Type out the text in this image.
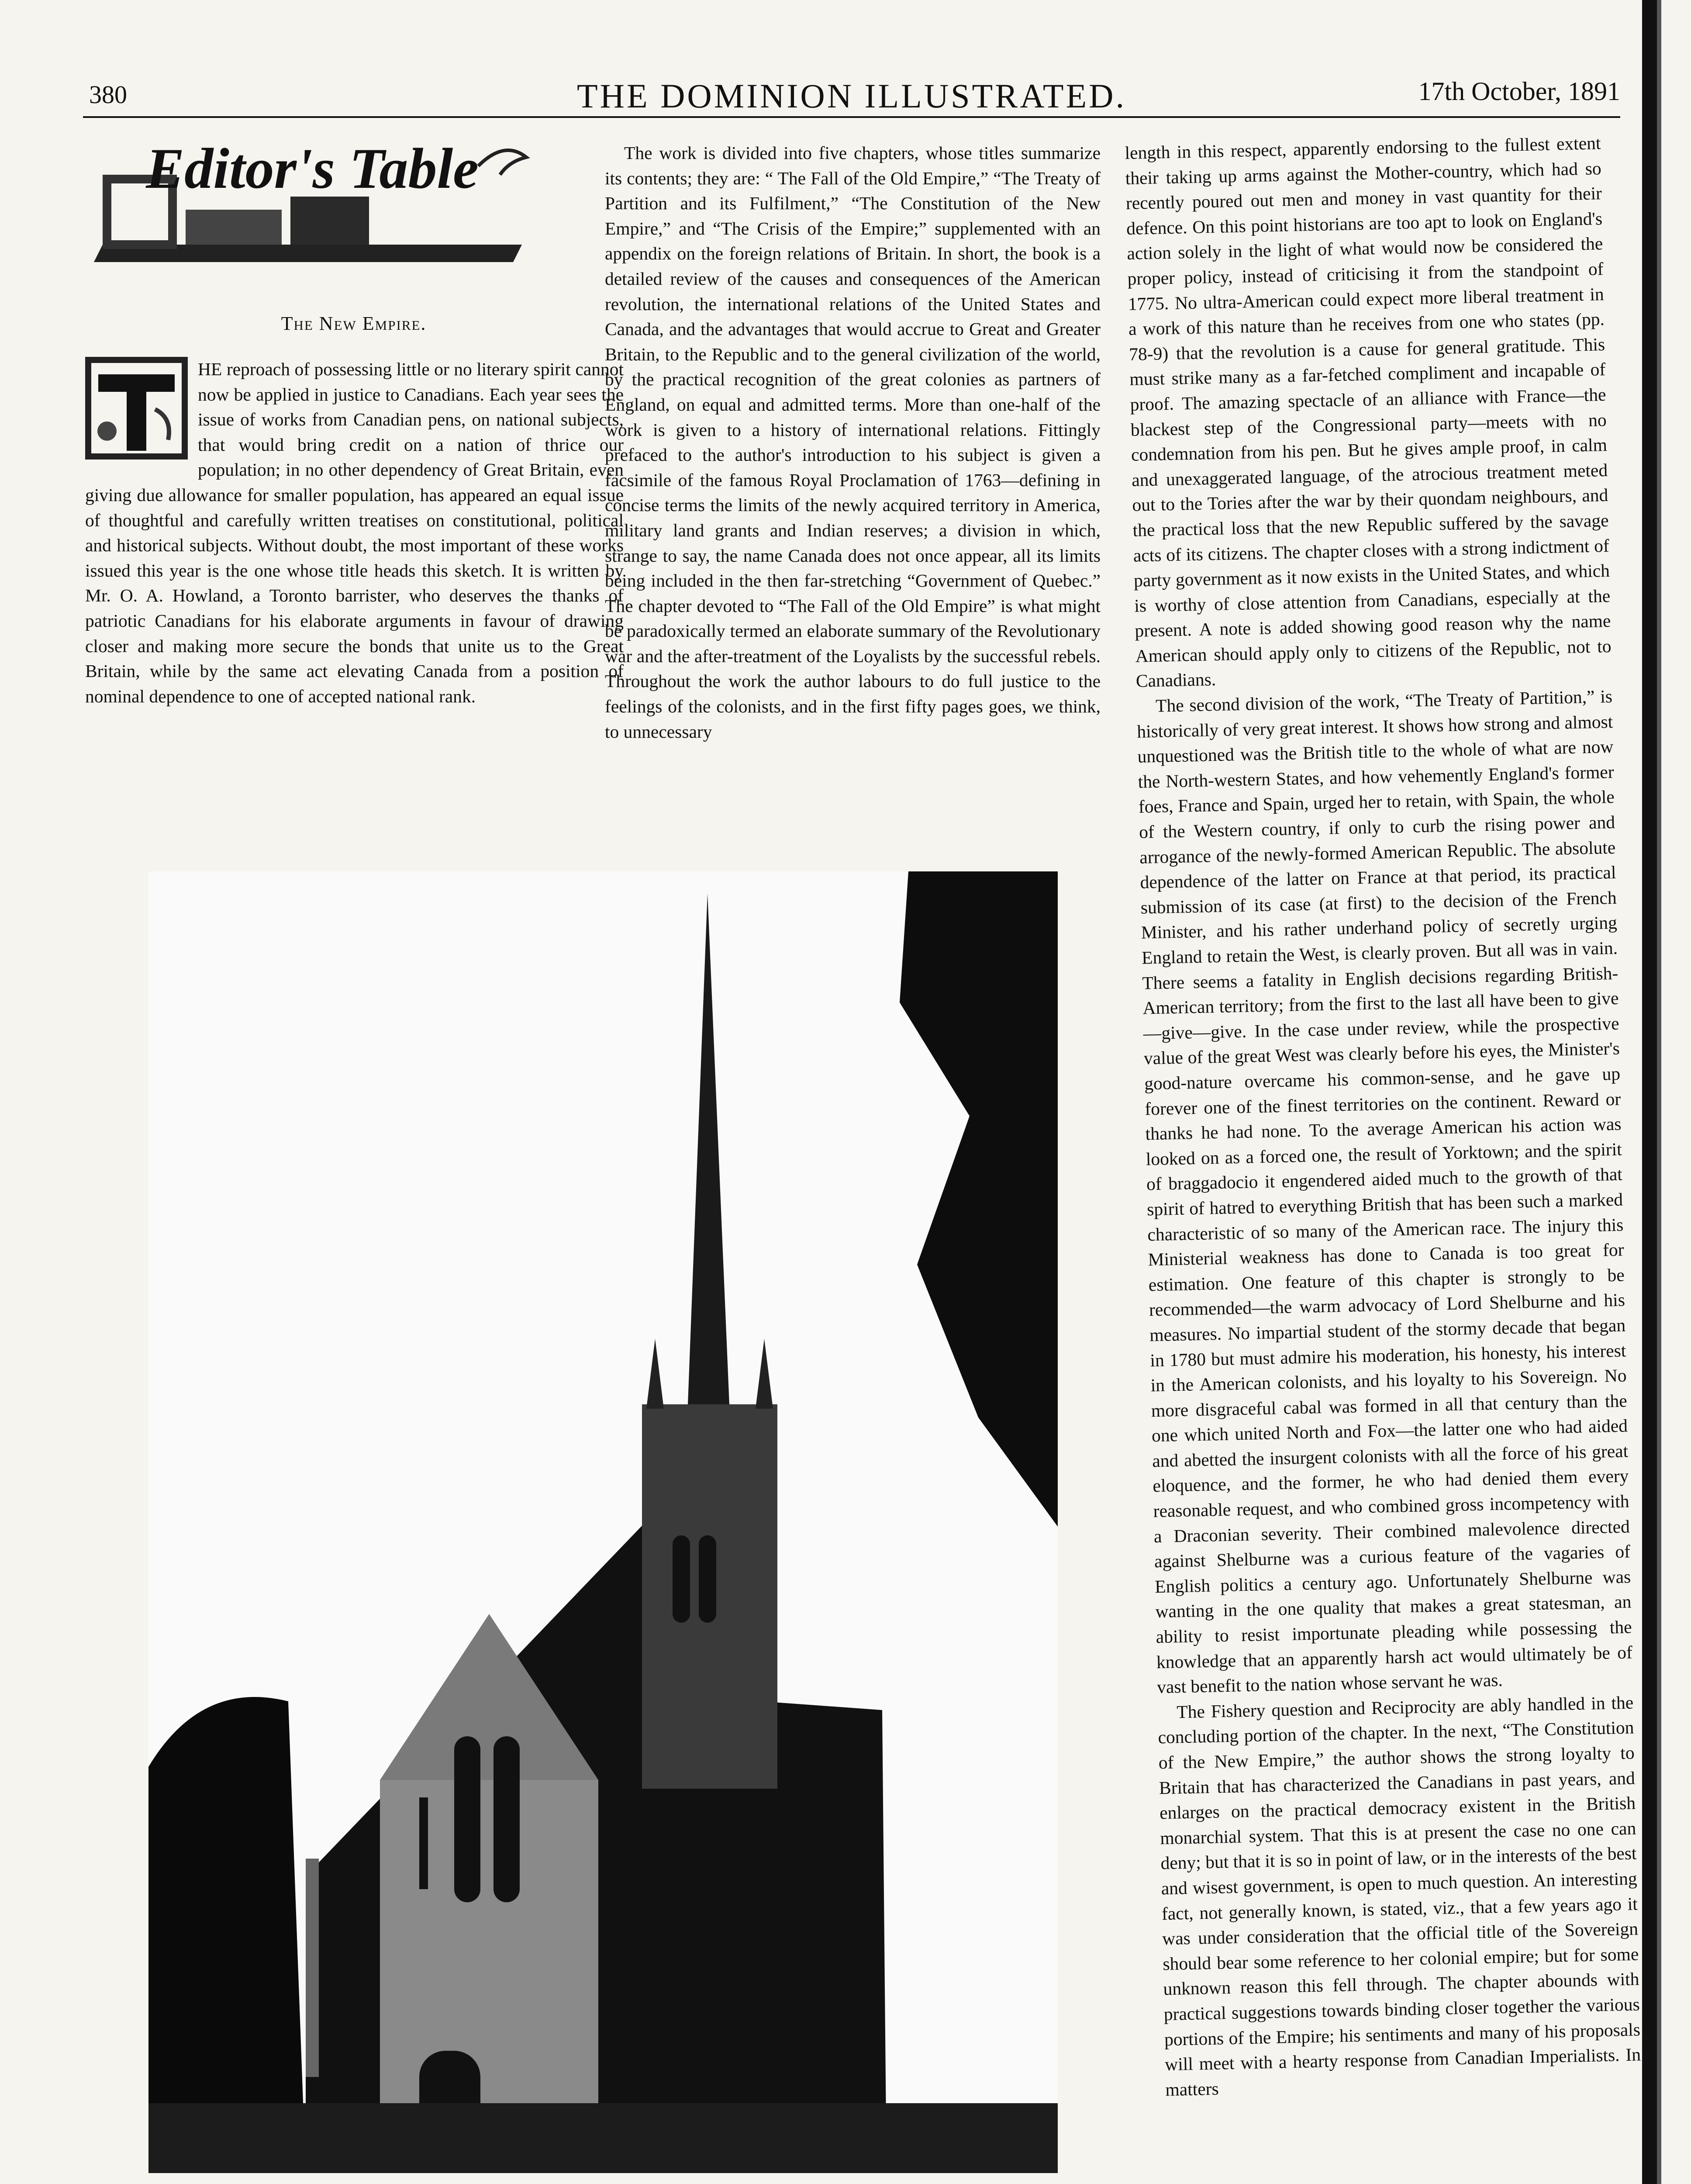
380	THE DOMINION ILLUSTRATED.	17th October, 1891
Editor's Table
The New Empire.

HE reproach of possessing little or no literary spirit cannot now be applied in justice to Canadians. Each year sees the issue of works from Canadian pens, on national subjects, that would bring credit on a nation of thrice our population; in no other dependency of Great Britain, even giving due allowance for smaller population, has appeared an equal issue of thoughtful and carefully written treatises on constitutional, political and historical subjects. Without doubt, the most important of these works issued this year is the one whose title heads this sketch. It is written by Mr. O. A. Howland, a Toronto barrister, who deserves the thanks of patriotic Canadians for his elaborate arguments in favour of drawing closer and making more secure the bonds that unite us to the Great Britain, while by the same act elevating Canada from a position of nominal dependence to one of accepted national rank.

The work is divided into five chapters, whose titles summarize its contents; they are: “ The Fall of the Old Empire,” “The Treaty of Partition and its Fulfilment,” “The Constitution of the New Empire,” and “The Crisis of the Empire;” supplemented with an appendix on the foreign relations of Britain. In short, the book is a detailed review of the causes and consequences of the American revolution, the international relations of the United States and Canada, and the advantages that would accrue to Great and Greater Britain, to the Republic and to the general civilization of the world, by the practical recognition of the great colonies as partners of England, on equal and admitted terms. More than one-half of the work is given to a history of international relations. Fittingly prefaced to the author's introduction to his subject is given a facsimile of the famous Royal Proclamation of 1763—defining in concise terms the limits of the newly acquired territory in America, military land grants and Indian reserves; a division in which, strange to say, the name Canada does not once appear, all its limits being included in the then far-stretching “Government of Quebec.” The chapter devoted to “The Fall of the Old Empire” is what might be paradoxically termed an elaborate summary of the Revolutionary war and the after-treatment of the Loyalists by the successful rebels. Throughout the work the author labours to do full justice to the feelings of the colonists, and in the first fifty pages goes, we think, to unnecessary

length in this respect, apparently endorsing to the fullest extent their taking up arms against the Mother-country, which had so recently poured out men and money in vast quantity for their defence. On this point historians are too apt to look on England's action solely in the light of what would now be considered the proper policy, instead of criticising it from the standpoint of 1775. No ultra-American could expect more liberal treatment in a work of this nature than he receives from one who states (pp. 78-9) that the revolution is a cause for general gratitude. This must strike many as a far-fetched compliment and incapable of proof. The amazing spectacle of an alliance with France—the blackest step of the Congressional party—meets with no condemnation from his pen. But he gives ample proof, in calm and unexaggerated language, of the atrocious treatment meted out to the Tories after the war by their quondam neighbours, and the practical loss that the new Republic suffered by the savage acts of its citizens. The chapter closes with a strong indictment of party government as it now exists in the United States, and which is worthy of close attention from Canadians, especially at the present. A note is added showing good reason why the name American should apply only to citizens of the Republic, not to Canadians.

The second division of the work, “The Treaty of Partition,” is historically of very great interest. It shows how strong and almost unquestioned was the British title to the whole of what are now the North-western States, and how vehemently England's former foes, France and Spain, urged her to retain, with Spain, the whole of the Western country, if only to curb the rising power and arrogance of the newly-formed American Republic. The absolute dependence of the latter on France at that period, its practical submission of its case (at first) to the decision of the French Minister, and his rather underhand policy of secretly urging England to retain the West, is clearly proven. But all was in vain. There seems a fatality in English decisions regarding British-American territory; from the first to the last all have been to give—give—give. In the case under review, while the prospective value of the great West was clearly before his eyes, the Minister's good-nature overcame his common-sense, and he gave up forever one of the finest territories on the continent. Reward or thanks he had none. To the average American his action was looked on as a forced one, the result of Yorktown; and the spirit of braggadocio it engendered aided much to the growth of that spirit of hatred to everything British that has been such a marked characteristic of so many of the American race. The injury this Ministerial weakness has done to Canada is too great for estimation. One feature of this chapter is strongly to be recommended—the warm advocacy of Lord Shelburne and his measures. No impartial student of the stormy decade that began in 1780 but must admire his moderation, his honesty, his interest in the American colonists, and his loyalty to his Sovereign. No more disgraceful cabal was formed in all that century than the one which united North and Fox—the latter one who had aided and abetted the insurgent colonists with all the force of his great eloquence, and the former, he who had denied them every reasonable request, and who combined gross incompetency with a Draconian severity. Their combined malevolence directed against Shelburne was a curious feature of the vagaries of English politics a century ago. Unfortunately Shelburne was wanting in the one quality that makes a great statesman, an ability to resist importunate pleading while possessing the knowledge that an apparently harsh act would ultimately be of vast benefit to the nation whose servant he was.

The Fishery question and Reciprocity are ably handled in the concluding portion of the chapter. In the next, “The Constitution of the New Empire,” the author shows the strong loyalty to Britain that has characterized the Canadians in past years, and enlarges on the practical democracy existent in the British monarchial system. That this is at present the case no one can deny; but that it is so in point of law, or in the interests of the best and wisest government, is open to much question. An interesting fact, not generally known, is stated, viz., that a few years ago it was under consideration that the official title of the Sovereign should bear some reference to her colonial empire; but for some unknown reason this fell through. The chapter abounds with practical suggestions towards binding closer together the various portions of the Empire; his sentiments and many of his proposals will meet with a hearty response from Canadian Imperialists. In matters
